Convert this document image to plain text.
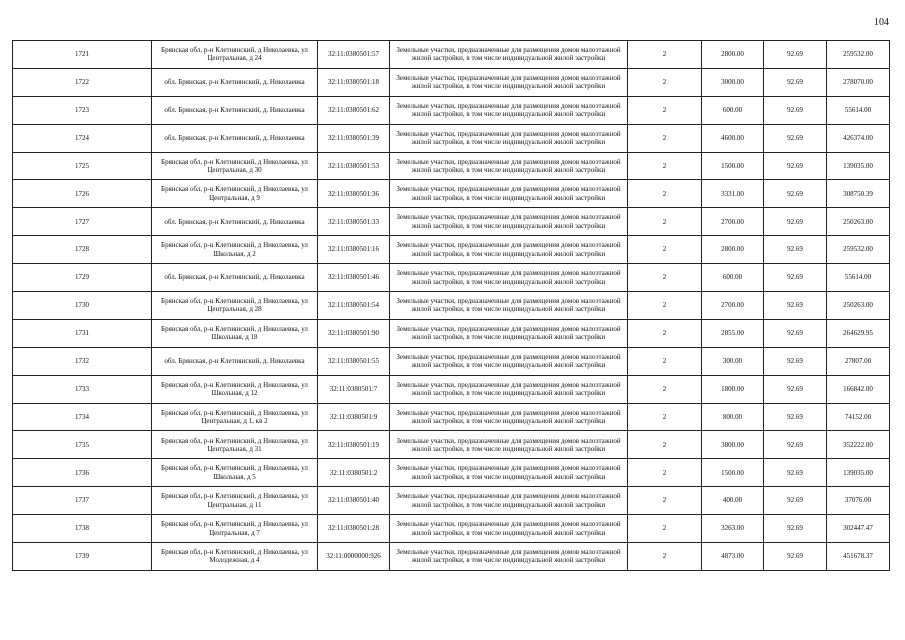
104
1721	Брянская обл, р-н Клетнянский, д Николаевка, ул Центральная, д 24	32:11:0380501:57	Земельные участки, предназначенные для размещения домов малоэтажной жилой застройки, в том числе индивидуальной жилой застройки	2	2800.00	92.69	259532.00
1722	обл. Брянская, р-н Клетнянский, д. Николаевка	32:11:0380501:18	Земельные участки, предназначенные для размещения домов малоэтажной жилой застройки, в том числе индивидуальной жилой застройки	2	3000.00	92.69	278070.00
1723	обл. Брянская, р-н Клетнянский, д. Николаевка	32:11:0380501:62	Земельные участки, предназначенные для размещения домов малоэтажной жилой застройки, в том числе индивидуальной жилой застройки	2	600.00	92.69	55614.00
1724	обл. Брянская, р-н Клетнянский, д. Николаевка	32:11:0380501:39	Земельные участки, предназначенные для размещения домов малоэтажной жилой застройки, в том числе индивидуальной жилой застройки	2	4600.00	92.69	426374.00
1725	Брянская обл, р-н Клетнянский, д Николаевка, ул Центральная, д 30	32:11:0380501:53	Земельные участки, предназначенные для размещения домов малоэтажной жилой застройки, в том числе индивидуальной жилой застройки	2	1500.00	92.69	139035.00
1726	Брянская обл, р-н Клетнянский, д Николаевка, ул Центральная, д 9	32:11:0380501:36	Земельные участки, предназначенные для размещения домов малоэтажной жилой застройки, в том числе индивидуальной жилой застройки	2	3331.00	92.69	308750.39
1727	обл. Брянская, р-н Клетнянский, д. Николаевка	32:11:0380501:33	Земельные участки, предназначенные для размещения домов малоэтажной жилой застройки, в том числе индивидуальной жилой застройки	2	2700.00	92.69	250263.00
1728	Брянская обл, р-н Клетнянский, д Николаевка, ул Школьная, д 2	32:11:0380501:16	Земельные участки, предназначенные для размещения домов малоэтажной жилой застройки, в том числе индивидуальной жилой застройки	2	2800.00	92.69	259532.00
1729	обл. Брянская, р-н Клетнянский, д. Николаевка	32:11:0380501:46	Земельные участки, предназначенные для размещения домов малоэтажной жилой застройки, в том числе индивидуальной жилой застройки	2	600.00	92.69	55614.00
1730	Брянская обл, р-н Клетнянский, д Николаевка, ул Центральная, д 28	32:11:0380501:54	Земельные участки, предназначенные для размещения домов малоэтажной жилой застройки, в том числе индивидуальной жилой застройки	2	2700.00	92.69	250263.00
1731	Брянская обл, р-н Клетнянский, д Николаевка, ул Школьная, д 18	32:11:0380501:90	Земельные участки, предназначенные для размещения домов малоэтажной жилой застройки, в том числе индивидуальной жилой застройки	2	2855.00	92.69	264629.95
1732	обл. Брянская, р-н Клетнянский, д. Николаевка	32:11:0380501:55	Земельные участки, предназначенные для размещения домов малоэтажной жилой застройки, в том числе индивидуальной жилой застройки	2	300.00	92.69	27807.00
1733	Брянская обл, р-н Клетнянский, д Николаевка, ул Школьная, д 12	32:11:0380501:7	Земельные участки, предназначенные для размещения домов малоэтажной жилой застройки, в том числе индивидуальной жилой застройки	2	1800.00	92.69	166842.00
1734	Брянская обл, р-н Клетнянский, д Николаевка, ул Центральная, д 1, кв 2	32:11:0380501:9	Земельные участки, предназначенные для размещения домов малоэтажной жилой застройки, в том числе индивидуальной жилой застройки	2	800.00	92.69	74152.00
1735	Брянская обл, р-н Клетнянский, д Николаевка, ул Центральная, д 31	32:11:0380501:19	Земельные участки, предназначенные для размещения домов малоэтажной жилой застройки, в том числе индивидуальной жилой застройки	2	3800.00	92.69	352222.00
1736	Брянская обл, р-н Клетнянский, д Николаевка, ул Школьная, д 5	32:11:0380501:2	Земельные участки, предназначенные для размещения домов малоэтажной жилой застройки, в том числе индивидуальной жилой застройки	2	1500.00	92.69	139035.00
1737	Брянская обл, р-н Клетнянский, д Николаевка, ул Центральная, д 11	32:11:0380501:40	Земельные участки, предназначенные для размещения домов малоэтажной жилой застройки, в том числе индивидуальной жилой застройки	2	400.00	92.69	37076.00
1738	Брянская обл, р-н Клетнянский, д Николаевка, ул Центральная, д 7	32:11:0380501:28	Земельные участки, предназначенные для размещения домов малоэтажной жилой застройки, в том числе индивидуальной жилой застройки	2	3263.00	92.69	302447.47
1739	Брянская обл, р-н Клетнянский, д Николаевка, ул Молодежная, д 4	32:11:0000000:926	Земельные участки, предназначенные для размещения домов малоэтажной жилой застройки, в том числе индивидуальной жилой застройки	2	4873.00	92.69	451678.37
